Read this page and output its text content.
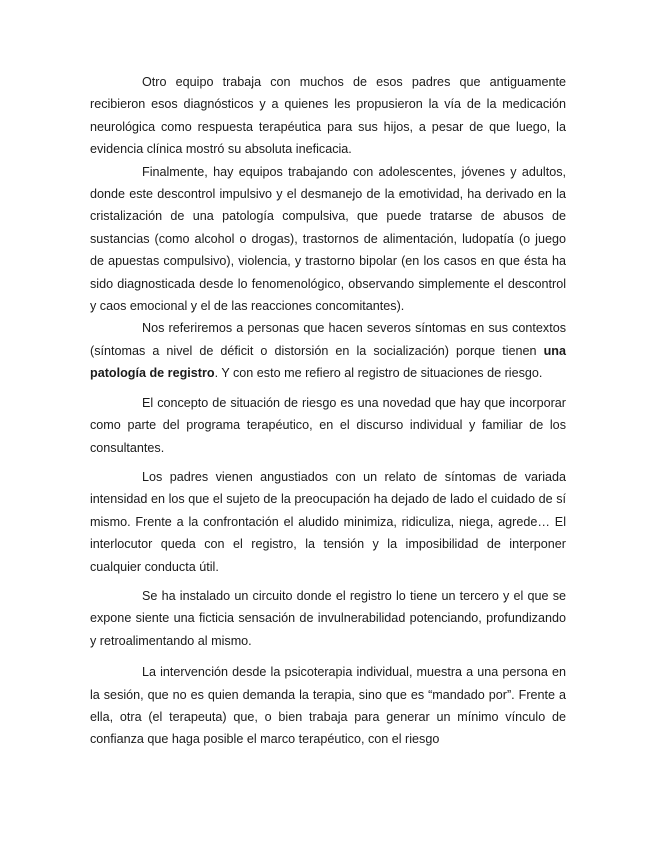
Otro equipo trabaja con muchos de esos padres que antiguamente recibieron esos diagnósticos y a quienes les propusieron la vía de la medicación neurológica como respuesta terapéutica para sus hijos, a pesar de que luego, la evidencia clínica mostró su absoluta ineficacia.

Finalmente, hay equipos trabajando con adolescentes, jóvenes y adultos, donde este descontrol impulsivo y el desmanejo de la emotividad, ha derivado en la cristalización de una patología compulsiva, que puede tratarse de abusos de sustancias (como alcohol o drogas), trastornos de alimentación, ludopatía (o juego de apuestas compulsivo), violencia, y trastorno bipolar (en los casos en que ésta ha sido diagnosticada desde lo fenomenológico, observando simplemente el descontrol y caos emocional y el de las reacciones concomitantes).

Nos referiremos a personas que hacen severos síntomas en sus contextos (síntomas a nivel de déficit o distorsión en la socialización) porque tienen una patología de registro. Y con esto me refiero al registro de situaciones de riesgo.

El concepto de situación de riesgo es una novedad que hay que incorporar como parte del programa terapéutico, en el discurso individual y familiar de los consultantes.

Los padres vienen angustiados con un relato de síntomas de variada intensidad en los que el sujeto de la preocupación ha dejado de lado el cuidado de sí mismo. Frente a la confrontación el aludido minimiza, ridiculiza, niega, agrede… El interlocutor queda con el registro, la tensión y la imposibilidad de interponer cualquier conducta útil.

Se ha instalado un circuito donde el registro lo tiene un tercero y el que se expone siente una ficticia sensación de invulnerabilidad potenciando, profundizando y retroalimentando al mismo.

La intervención desde la psicoterapia individual, muestra a una persona en la sesión, que no es quien demanda la terapia, sino que es “mandado por”. Frente a ella, otra (el terapeuta) que, o bien trabaja para generar un mínimo vínculo de confianza que haga posible el marco terapéutico, con el riesgo
